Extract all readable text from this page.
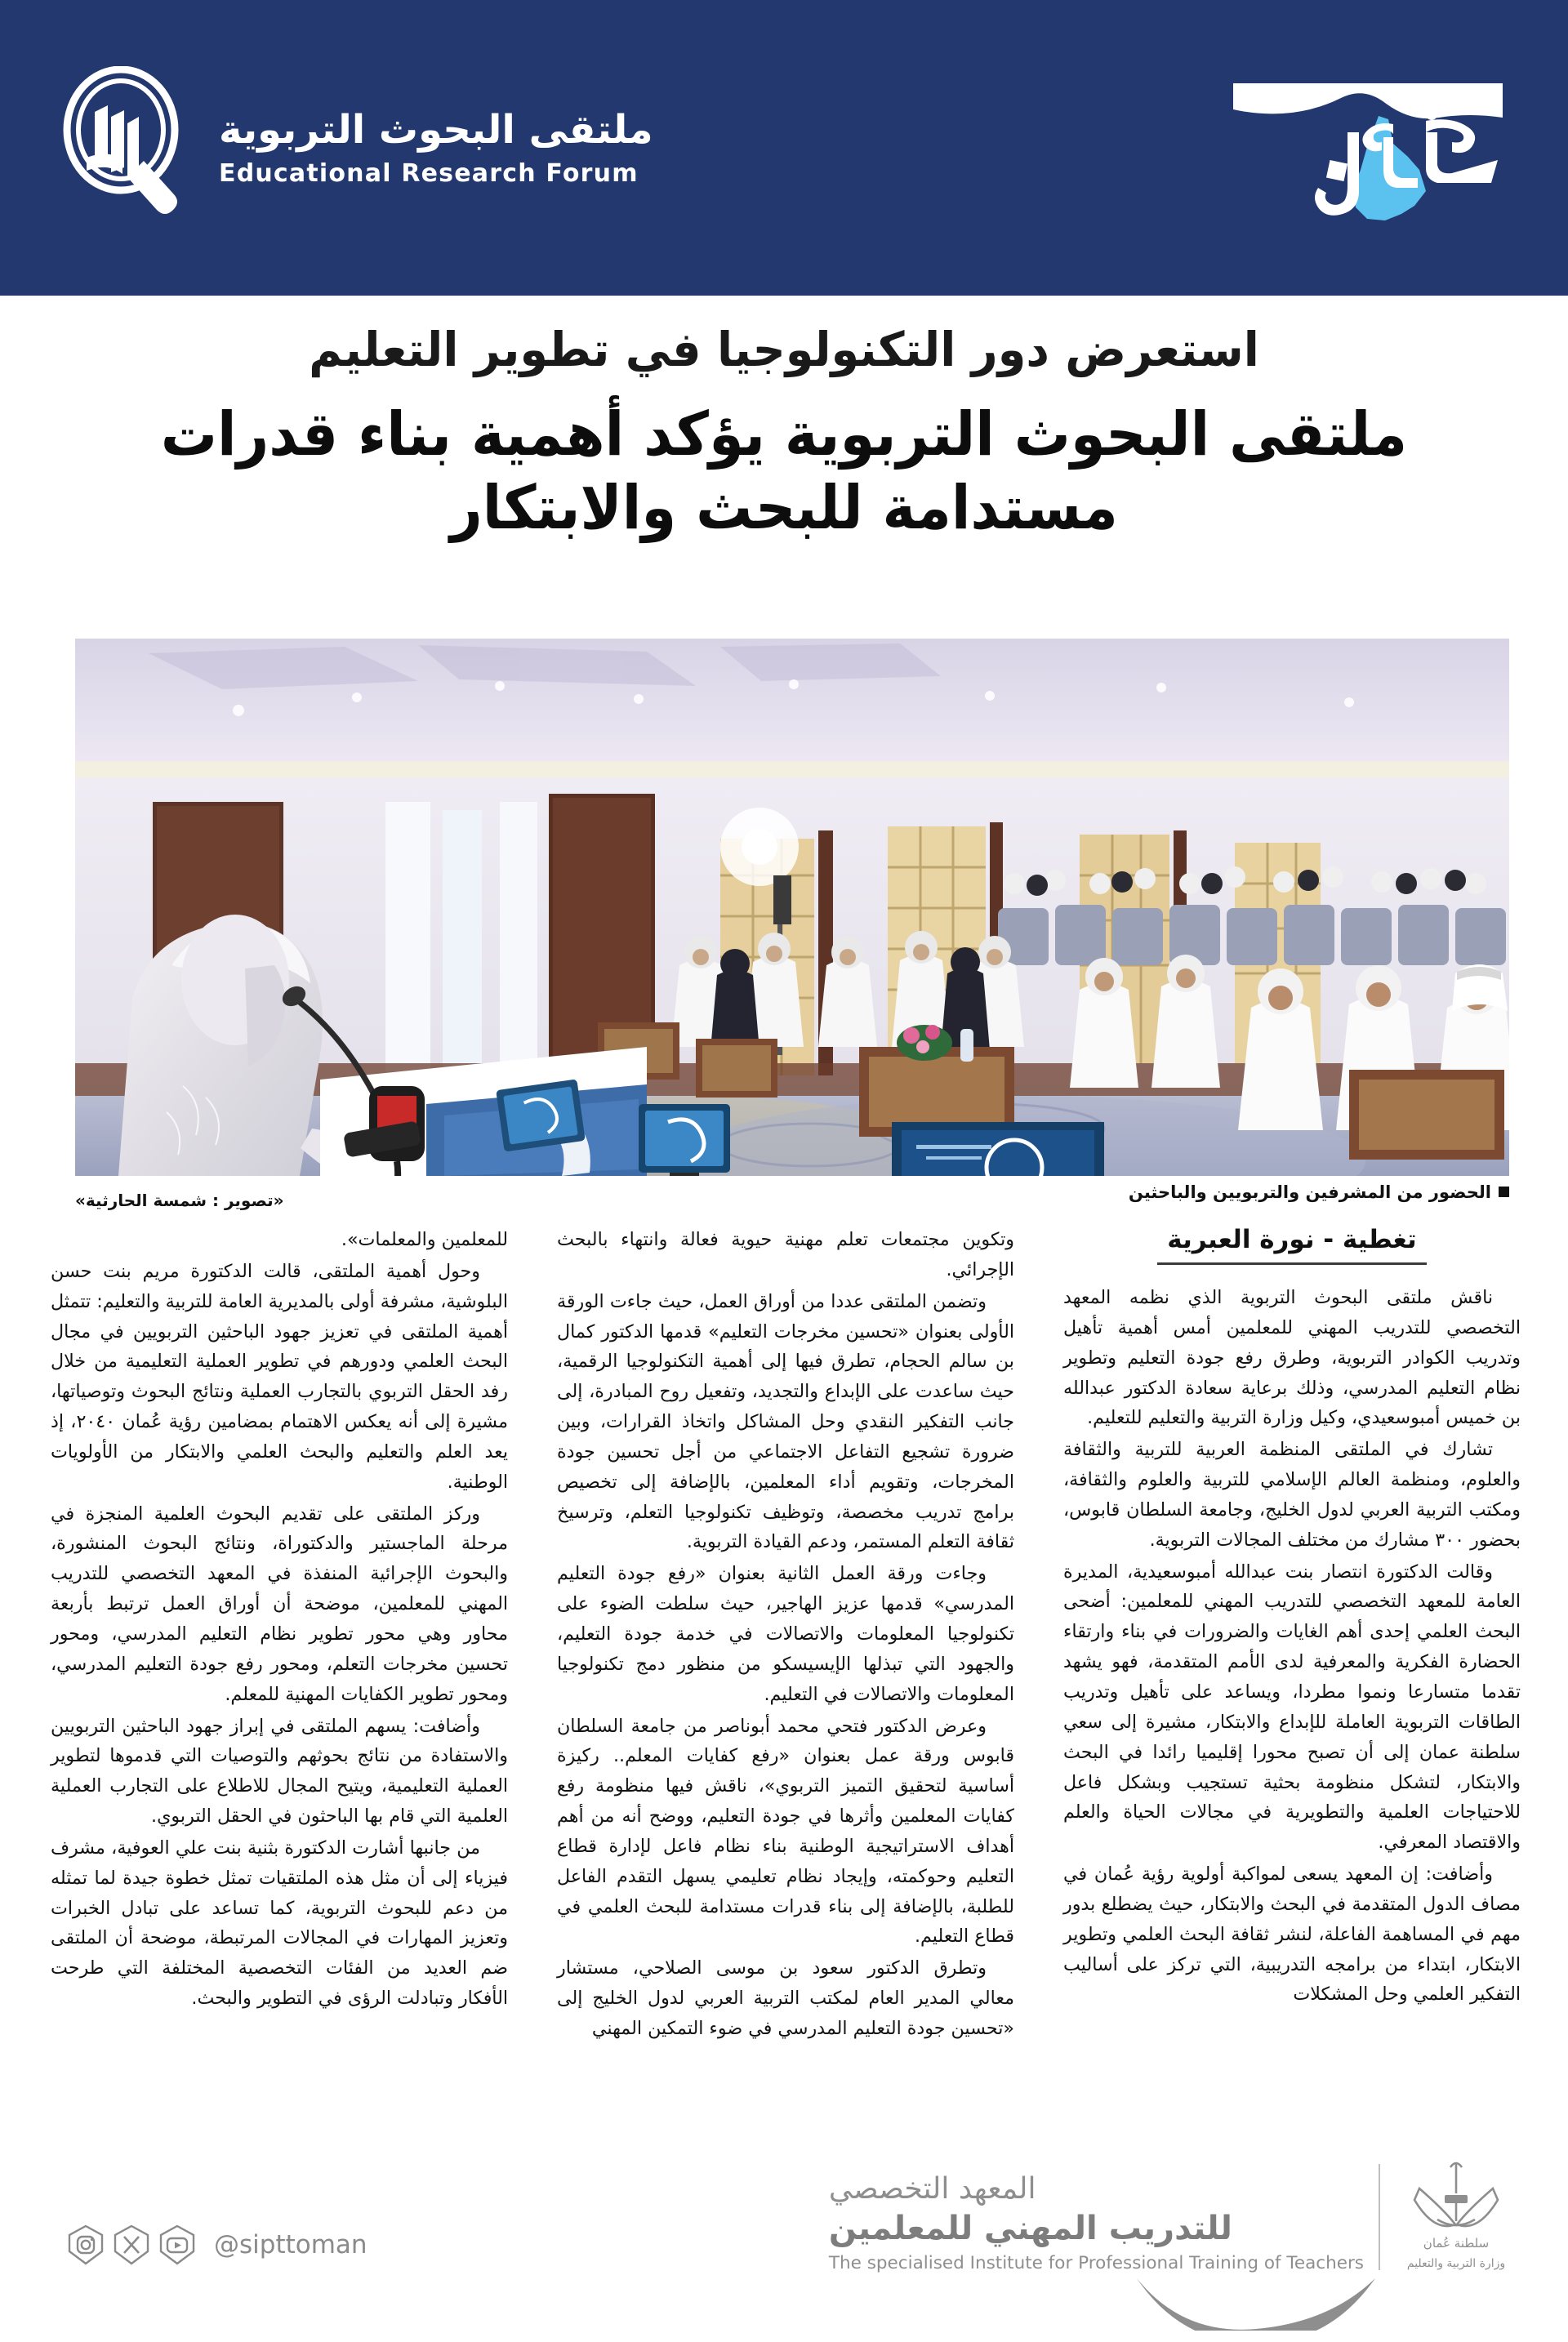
ملتقى البحوث التربوية
Educational Research Forum
استعرض دور التكنولوجيا في تطوير التعليم
ملتقى البحوث التربوية يؤكد أهمية بناء قدرات مستدامة للبحث والابتكار
الحضور من المشرفين والتربويين والباحثين
«تصوير : شمسة الحارثية»
تغطية - نورة العبرية

ناقش ملتقى البحوث التربوية الذي نظمه المعهد التخصصي للتدريب المهني للمعلمين أمس أهمية تأهيل وتدريب الكوادر التربوية، وطرق رفع جودة التعليم وتطوير نظام التعليم المدرسي، وذلك برعاية سعادة الدكتور عبدالله بن خميس أمبوسعيدي، وكيل وزارة التربية والتعليم للتعليم.

تشارك في الملتقى المنظمة العربية للتربية والثقافة والعلوم، ومنظمة العالم الإسلامي للتربية والعلوم والثقافة، ومكتب التربية العربي لدول الخليج، وجامعة السلطان قابوس، بحضور ٣٠٠ مشارك من مختلف المجالات التربوية.

وقالت الدكتورة انتصار بنت عبدالله أمبوسعيدية، المديرة العامة للمعهد التخصصي للتدريب المهني للمعلمين: أضحى البحث العلمي إحدى أهم الغايات والضرورات في بناء وارتقاء الحضارة الفكرية والمعرفية لدى الأمم المتقدمة، فهو يشهد تقدما متسارعا ونموا مطردا، ويساعد على تأهيل وتدريب الطاقات التربوية العاملة للإبداع والابتكار، مشيرة إلى سعي سلطنة عمان إلى أن تصبح محورا إقليميا رائدا في البحث والابتكار، لتشكل منظومة بحثية تستجيب وبشكل فاعل للاحتياجات العلمية والتطويرية في مجالات الحياة والعلم والاقتصاد المعرفي.

وأضافت: إن المعهد يسعى لمواكبة أولوية رؤية عُمان في مصاف الدول المتقدمة في البحث والابتكار، حيث يضطلع بدور مهم في المساهمة الفاعلة، لنشر ثقافة البحث العلمي وتطوير الابتكار، ابتداء من برامجه التدريبية، التي تركز على أساليب التفكير العلمي وحل المشكلات

وتكوين مجتمعات تعلم مهنية حيوية فعالة وانتهاء بالبحث الإجرائي.

وتضمن الملتقى عددا من أوراق العمل، حيث جاءت الورقة الأولى بعنوان «تحسين مخرجات التعليم» قدمها الدكتور كمال بن سالم الحجام، تطرق فيها إلى أهمية التكنولوجيا الرقمية، حيث ساعدت على الإبداع والتجديد، وتفعيل روح المبادرة، إلى جانب التفكير النقدي وحل المشاكل واتخاذ القرارات، وبين ضرورة تشجيع التفاعل الاجتماعي من أجل تحسين جودة المخرجات، وتقويم أداء المعلمين، بالإضافة إلى تخصيص برامج تدريب مخصصة، وتوظيف تكنولوجيا التعلم، وترسيخ ثقافة التعلم المستمر، ودعم القيادة التربوية.

وجاءت ورقة العمل الثانية بعنوان «رفع جودة التعليم المدرسي» قدمها عزيز الهاجير، حيث سلطت الضوء على تكنولوجيا المعلومات والاتصالات في خدمة جودة التعليم، والجهود التي تبذلها الإيسيسكو من منظور دمج تكنولوجيا المعلومات والاتصالات في التعليم.

وعرض الدكتور فتحي محمد أبوناصر من جامعة السلطان قابوس ورقة عمل بعنوان «رفع كفايات المعلم.. ركيزة أساسية لتحقيق التميز التربوي»، ناقش فيها منظومة رفع كفايات المعلمين وأثرها في جودة التعليم، ووضح أنه من أهم أهداف الاستراتيجية الوطنية بناء نظام فاعل لإدارة قطاع التعليم وحوكمته، وإيجاد نظام تعليمي يسهل التقدم الفاعل للطلبة، بالإضافة إلى بناء قدرات مستدامة للبحث العلمي في قطاع التعليم.

وتطرق الدكتور سعود بن موسى الصلاحي، مستشار معالي المدير العام لمكتب التربية العربي لدول الخليج إلى «تحسين جودة التعليم المدرسي في ضوء التمكين المهني

للمعلمين والمعلمات».

وحول أهمية الملتقى، قالت الدكتورة مريم بنت حسن البلوشية، مشرفة أولى بالمديرية العامة للتربية والتعليم: تتمثل أهمية الملتقى في تعزيز جهود الباحثين التربويين في مجال البحث العلمي ودورهم في تطوير العملية التعليمية من خلال رفد الحقل التربوي بالتجارب العملية ونتائج البحوث وتوصياتها، مشيرة إلى أنه يعكس الاهتمام بمضامين رؤية عُمان ٢٠٤٠، إذ يعد العلم والتعليم والبحث العلمي والابتكار من الأولويات الوطنية.

وركز الملتقى على تقديم البحوث العلمية المنجزة في مرحلة الماجستير والدكتوراة، ونتائج البحوث المنشورة، والبحوث الإجرائية المنفذة في المعهد التخصصي للتدريب المهني للمعلمين، موضحة أن أوراق العمل ترتبط بأربعة محاور وهي محور تطوير نظام التعليم المدرسي، ومحور تحسين مخرجات التعلم، ومحور رفع جودة التعليم المدرسي، ومحور تطوير الكفايات المهنية للمعلم.

وأضافت: يسهم الملتقى في إبراز جهود الباحثين التربويين والاستفادة من نتائج بحوثهم والتوصيات التي قدموها لتطوير العملية التعليمية، ويتيح المجال للاطلاع على التجارب العملية العلمية التي قام بها الباحثون في الحقل التربوي.

من جانبها أشارت الدكتورة بثنية بنت علي العوفية، مشرف فيزياء إلى أن مثل هذه الملتقيات تمثل خطوة جيدة لما تمثله من دعم للبحوث التربوية، كما تساعد على تبادل الخبرات وتعزيز المهارات في المجالات المرتبطة، موضحة أن الملتقى ضم العديد من الفئات التخصصية المختلفة التي طرحت الأفكار وتبادلت الرؤى في التطوير والبحث.

@sipttoman	سلطنة عُمان
وزارة التربية والتعليم
المعهد التخصصي
للتدريب المهني للمعلمين
The specialised Institute for Professional Training of Teachers
